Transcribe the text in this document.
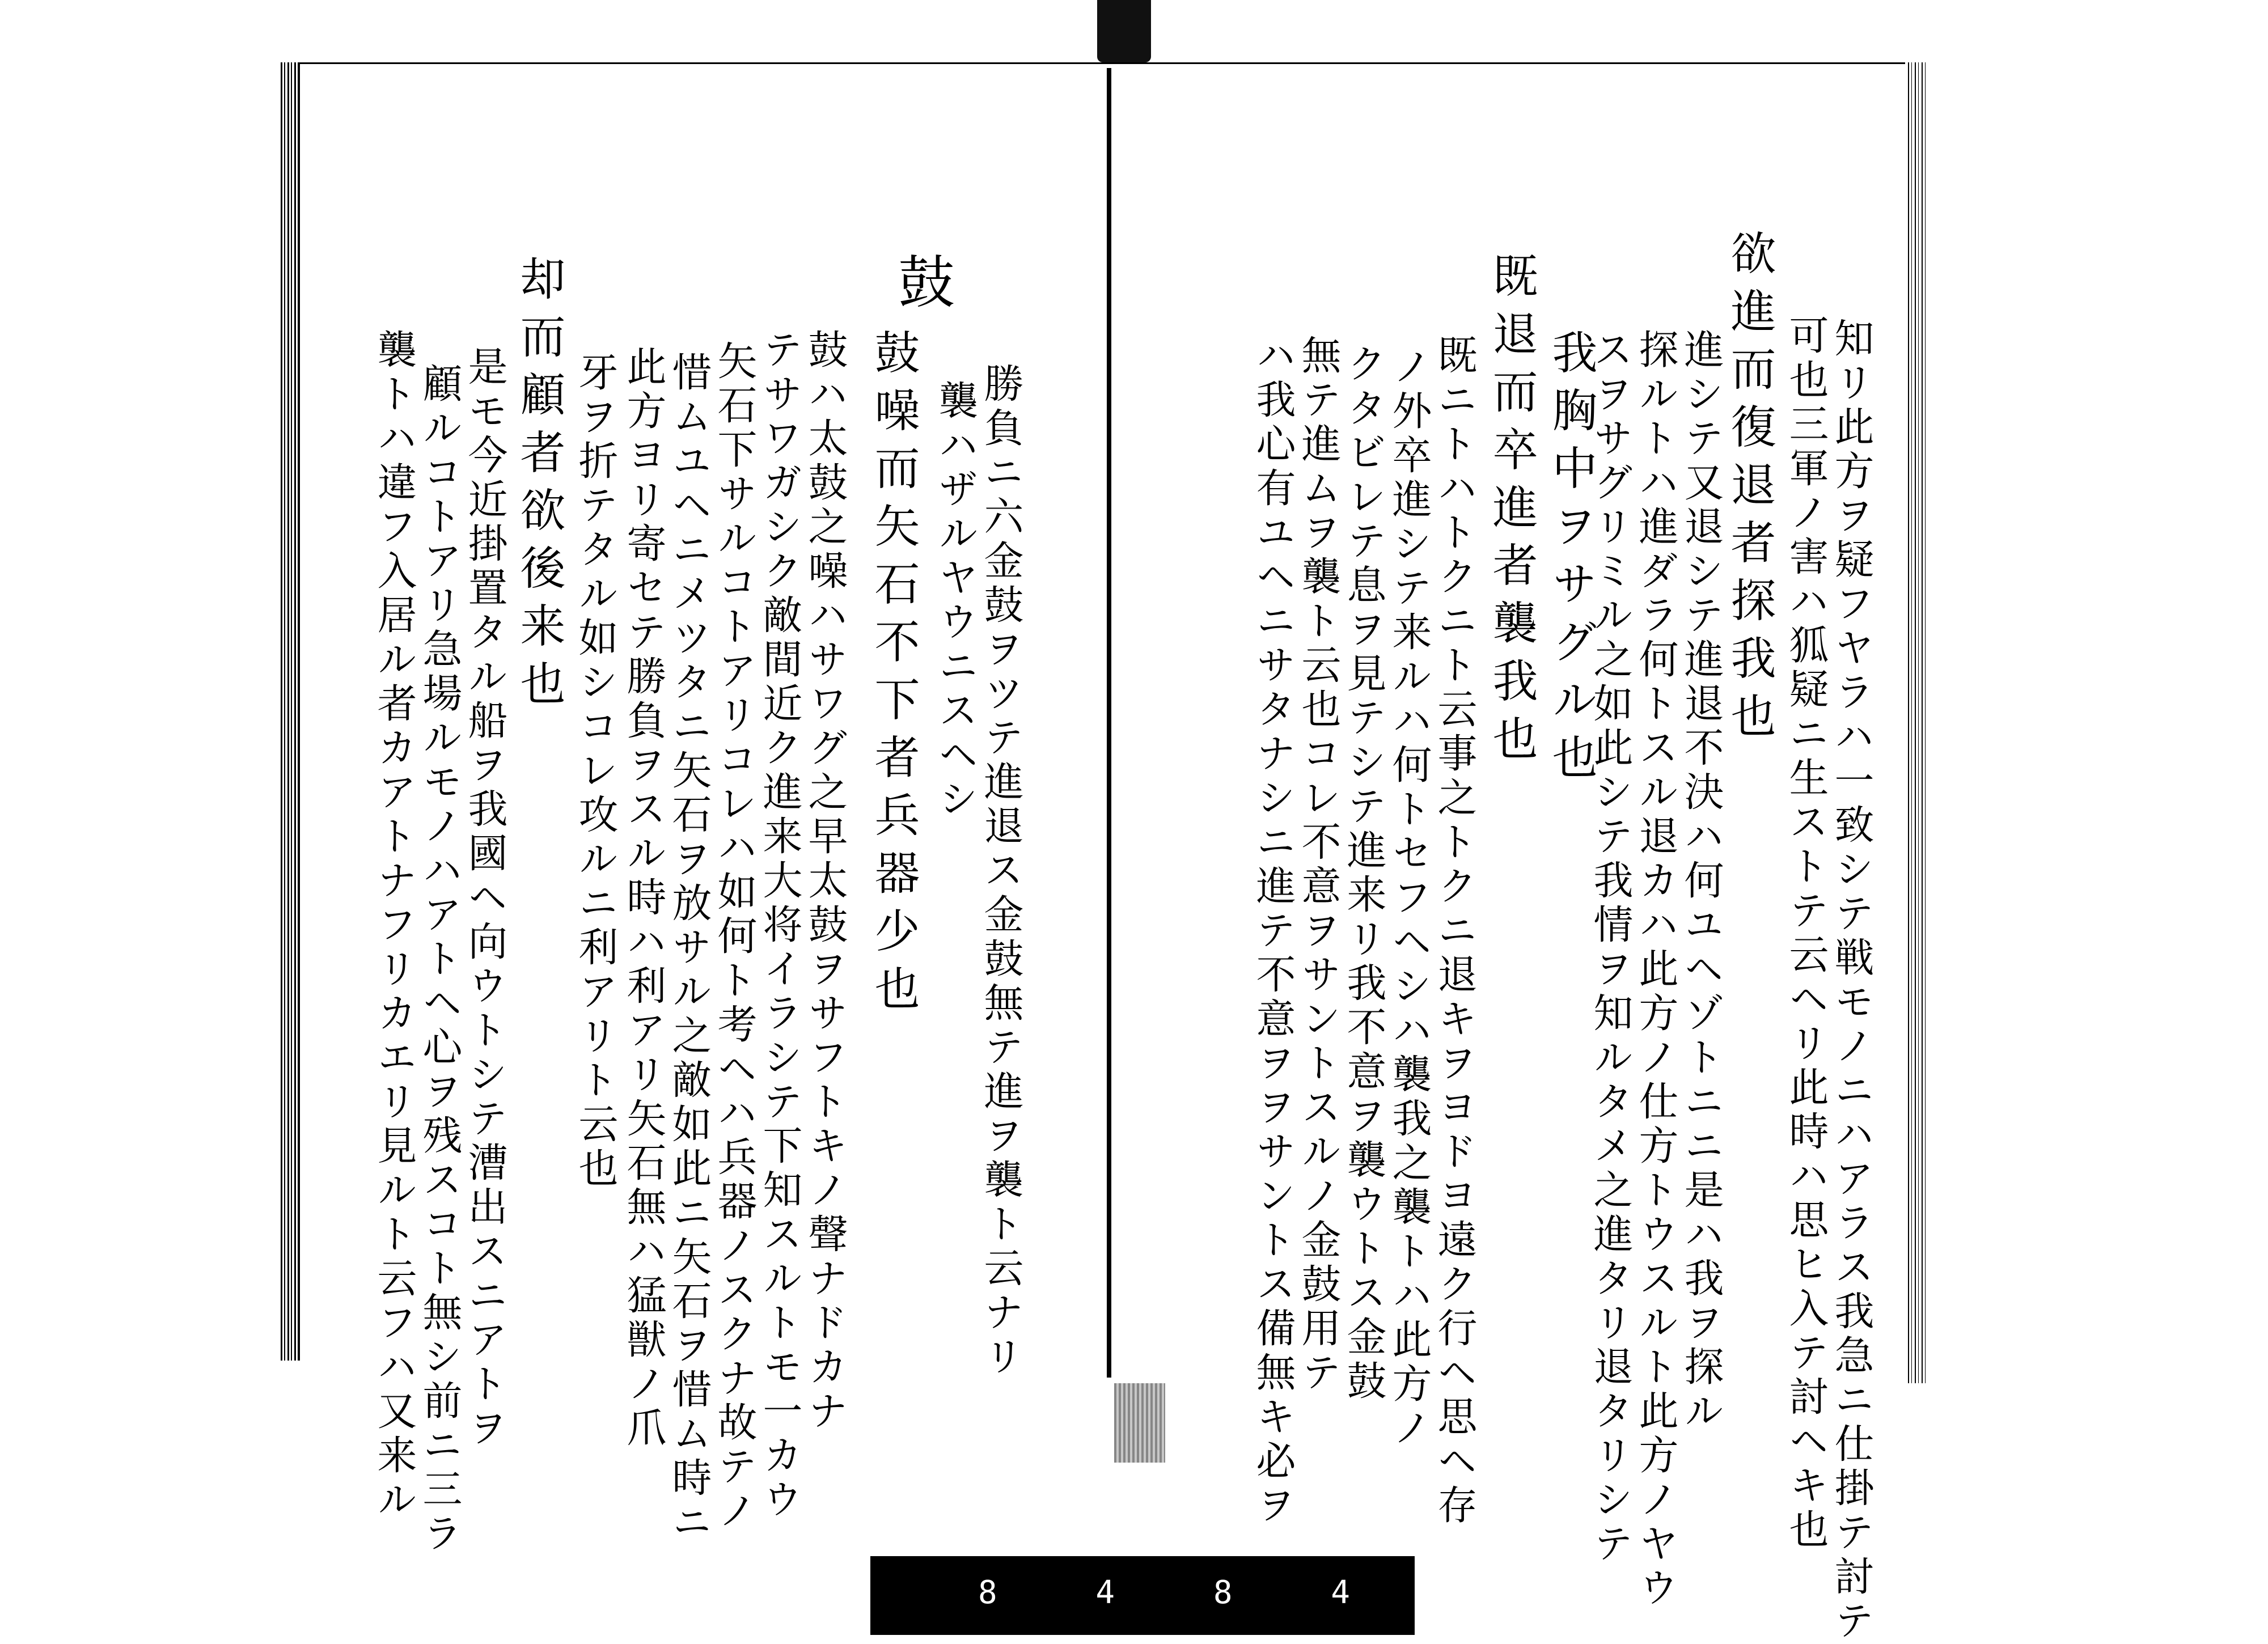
勝負ニ六金鼓ヲツテ進退ス金鼓無テ進ヲ襲ト云ナリ
襲ハザルヤウニスヘシ
鼓
鼓噪而矢石不下者兵器少也
鼓ハ太鼓之噪ハサワグ之早太鼓ヲサフトキノ聲ナドカナ
テサワガシク敵間近ク進来大将イラシテ下知スルトモ一カウ
矢石下サルコトアリコレハ如何ト考ヘハ兵器ノスクナ故テノ
惜ムユヘニメツタニ矢石ヲ放サル之敵如此ニ矢石ヲ惜ム時ニ
此方ヨリ寄セテ勝負ヲスル時ハ利アリ矢石無ハ猛獣ノ爪
牙ヲ折テタル如シコレ攻ルニ利アリト云也
却而顧者欲後来也
是モ今近掛置タル船ヲ我國ヘ向ウトシテ漕出スニアトヲ
顧ルコトアリ急場ルモノハアトヘ心ヲ残スコト無シ前ニ三ラ
襲トハ違フ入居ル者カアトナフリカエリ見ルト云フハ又来ル	知リ此方ヲ疑フヤラハ一致シテ戦モノニハアラス我急ニ仕掛テ討テ
可也三軍ノ害ハ狐疑ニ生ストテ云ヘリ此時ハ思ヒ入テ討ヘキ也
欲進而復退者探我也
進シテ又退シテ進退不決ハ何ユヘゾトニニ是ハ我ヲ探ル
探ルトハ進ダラ何トスル退カハ此方ノ仕方トウスルト此方ノヤウ
スヲサグリミル之如此シテ我情ヲ知ルタメ之進タリ退タリシテ
我胸中ヲサグル也
既退而卒進者襲我也
既ニトハトクニト云事之トクニ退キヲヨドヨ遠ク行ヘ思ヘ存
ノ外卒進シテ来ルハ何トセフヘシハ襲我之襲トハ此方ノ
クタビレテ息ヲ見テシテ進来リ我不意ヲ襲ウトス金鼓
無テ進ムヲ襲ト云也コレ不意ヲサントスルノ金鼓用テ
ハ我心有ユヘニサタナシニ進テ不意ヲヲサントス備無キ必ヲ
8 4 8 4
